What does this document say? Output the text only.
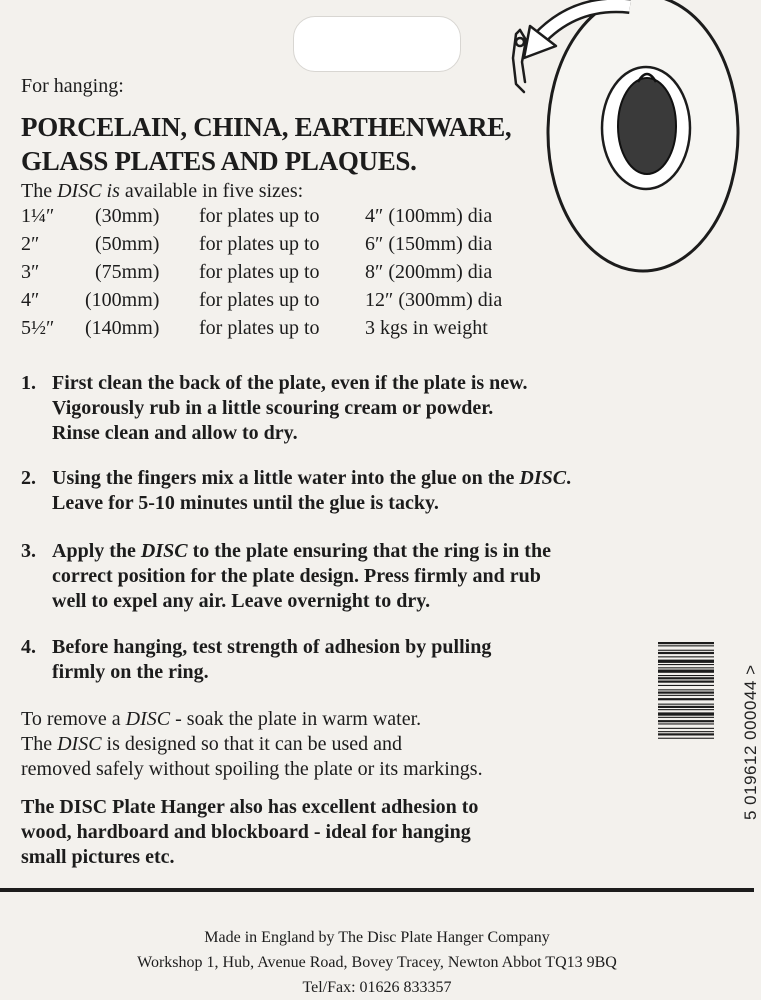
For hanging:
PORCELAIN, CHINA, EARTHENWARE,
GLASS PLATES AND PLAQUES.
The DISC is available in five sizes:
1¼″ (30mm) for plates up to 4″ (100mm) dia
2″	(50mm) for plates up to 6″ (150mm) dia
3″	(75mm) for plates up to 8″ (200mm) dia
4″ (100mm) for plates up to 12″ (300mm) dia
5½″ (140mm) for plates up to 3 kgs in weight
1. First clean the back of the plate, even if the plate is new.
Vigorously rub in a little scouring cream or powder.
Rinse clean and allow to dry.
2. Using the fingers mix a little water into the glue on the DISC.
Leave for 5-10 minutes until the glue is tacky.
3. Apply the DISC to the plate ensuring that the ring is in the
correct position for the plate design. Press firmly and rub
well to expel any air. Leave overnight to dry.
4. Before hanging, test strength of adhesion by pulling
firmly on the ring.
To remove a DISC - soak the plate in warm water.
The DISC is designed so that it can be used and
removed safely without spoiling the plate or its markings.
The DISC Plate Hanger also has excellent adhesion to
wood, hardboard and blockboard - ideal for hanging
small pictures etc.
5 019612 000044 >
Made in England by The Disc Plate Hanger Company
Workshop 1, Hub, Avenue Road, Bovey Tracey, Newton Abbot TQ13 9BQ
Tel/Fax: 01626 833357
